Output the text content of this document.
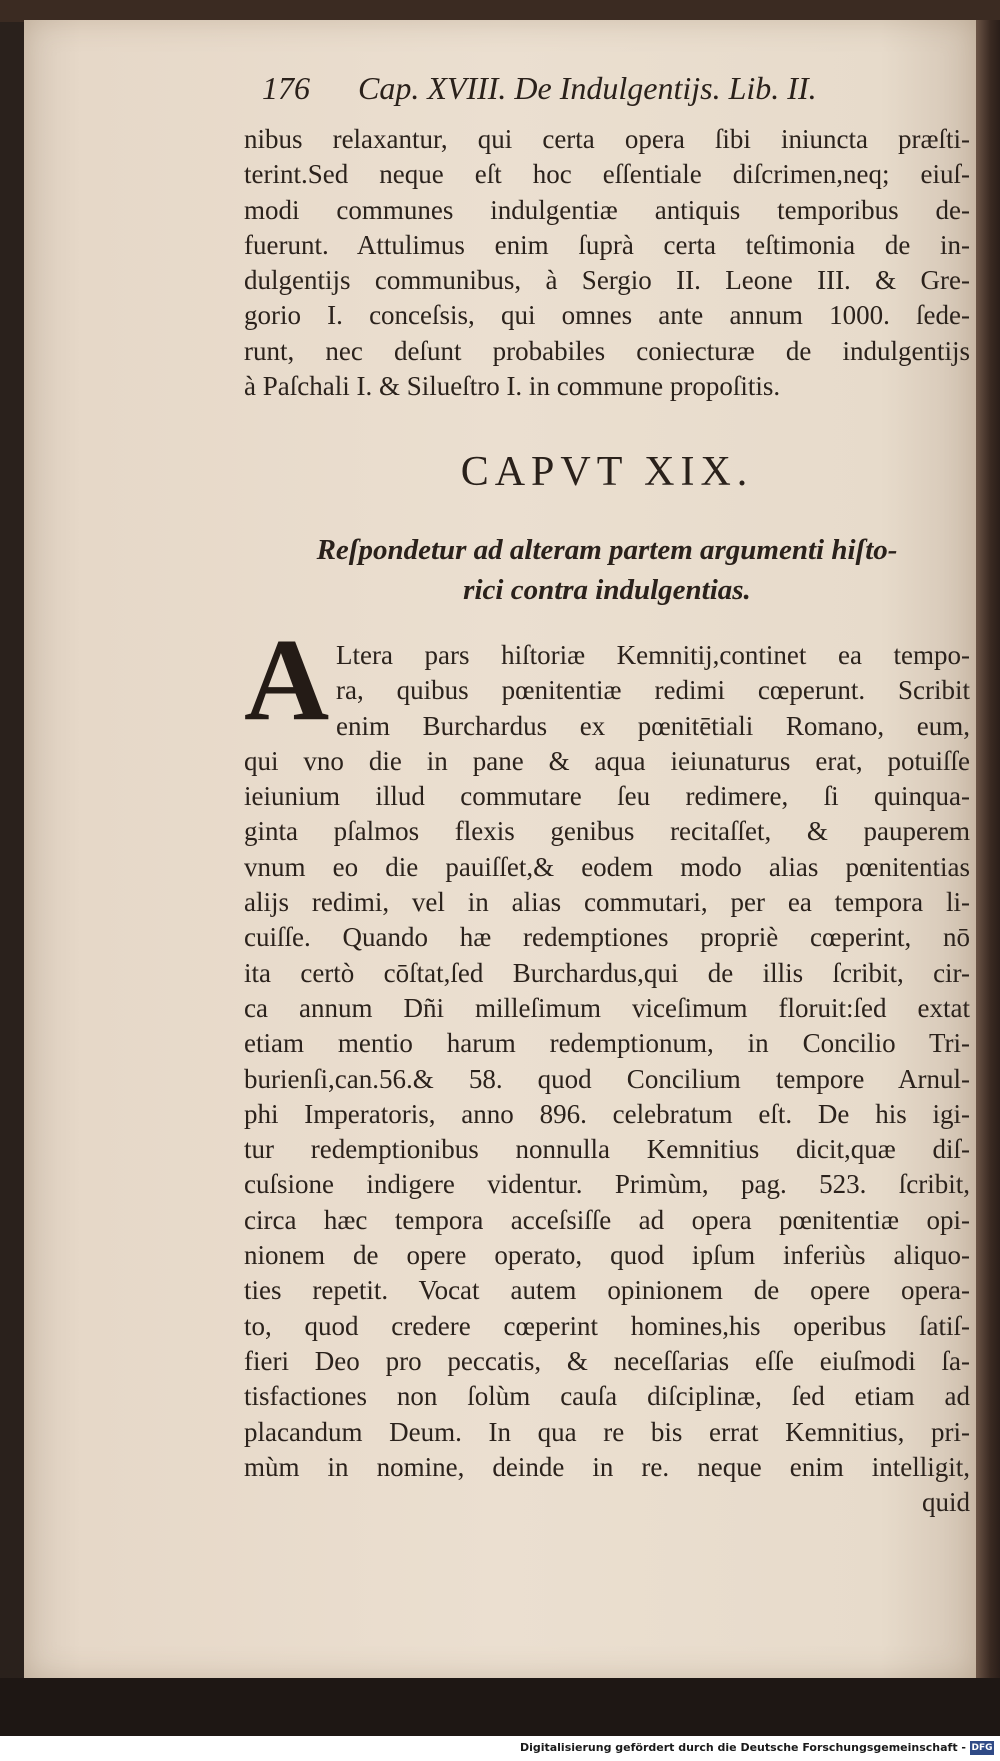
176 Cap. XVIII. De Indulgentijs. Lib. II.
nibus relaxantur, qui certa opera ſibi iniuncta præſti-
terint.Sed neque eſt hoc eſſentiale diſcrimen,neq; eiuſ-
modi communes indulgentiæ antiquis temporibus de-
fuerunt. Attulimus enim ſuprà certa teſtimonia de in-
dulgentijs communibus, à Sergio II. Leone III. & Gre-
gorio I. conceſsis, qui omnes ante annum 1000. ſede-
runt, nec deſunt probabiles coniecturæ de indulgentijs
à Paſchali I. & Silueſtro I. in commune propoſitis.
CAPVT XIX.
Reſpondetur ad alteram partem argumenti hiſto-
rici contra indulgentias.
A Ltera pars hiſtoriæ Kemnitij,continet ea tempo-
ra, quibus pœnitentiæ redimi cœperunt. Scribit
enim Burchardus ex pœnitētiali Romano, eum,
qui vno die in pane & aqua ieiunaturus erat, potuiſſe
ieiunium illud commutare ſeu redimere, ſi quinqua-
ginta pſalmos flexis genibus recitaſſet, & pauperem
vnum eo die pauiſſet,& eodem modo alias pœnitentias
alijs redimi, vel in alias commutari, per ea tempora li-
cuiſſe. Quando hæ redemptiones propriè cœperint, nō
ita certò cōſtat,ſed Burchardus,qui de illis ſcribit, cir-
ca annum Dñi milleſimum viceſimum floruit:ſed extat
etiam mentio harum redemptionum, in Concilio Tri-
burienſi,can.56.& 58. quod Concilium tempore Arnul-
phi Imperatoris, anno 896. celebratum eſt. De his igi-
tur redemptionibus nonnulla Kemnitius dicit,quæ diſ-
cuſsione indigere videntur. Primùm, pag. 523. ſcribit,
circa hæc tempora acceſsiſſe ad opera pœnitentiæ opi-
nionem de opere operato, quod ipſum inferiùs aliquo-
ties repetit. Vocat autem opinionem de opere opera-
to, quod credere cœperint homines,his operibus ſatiſ-
fieri Deo pro peccatis, & neceſſarias eſſe eiuſmodi ſa-
tisfactiones non ſolùm cauſa diſciplinæ, ſed etiam ad
placandum Deum. In qua re bis errat Kemnitius, pri-
mùm in nomine, deinde in re. neque enim intelligit,
quid
Digitalisierung gefördert durch die Deutsche Forschungsgemeinschaft - DFG
